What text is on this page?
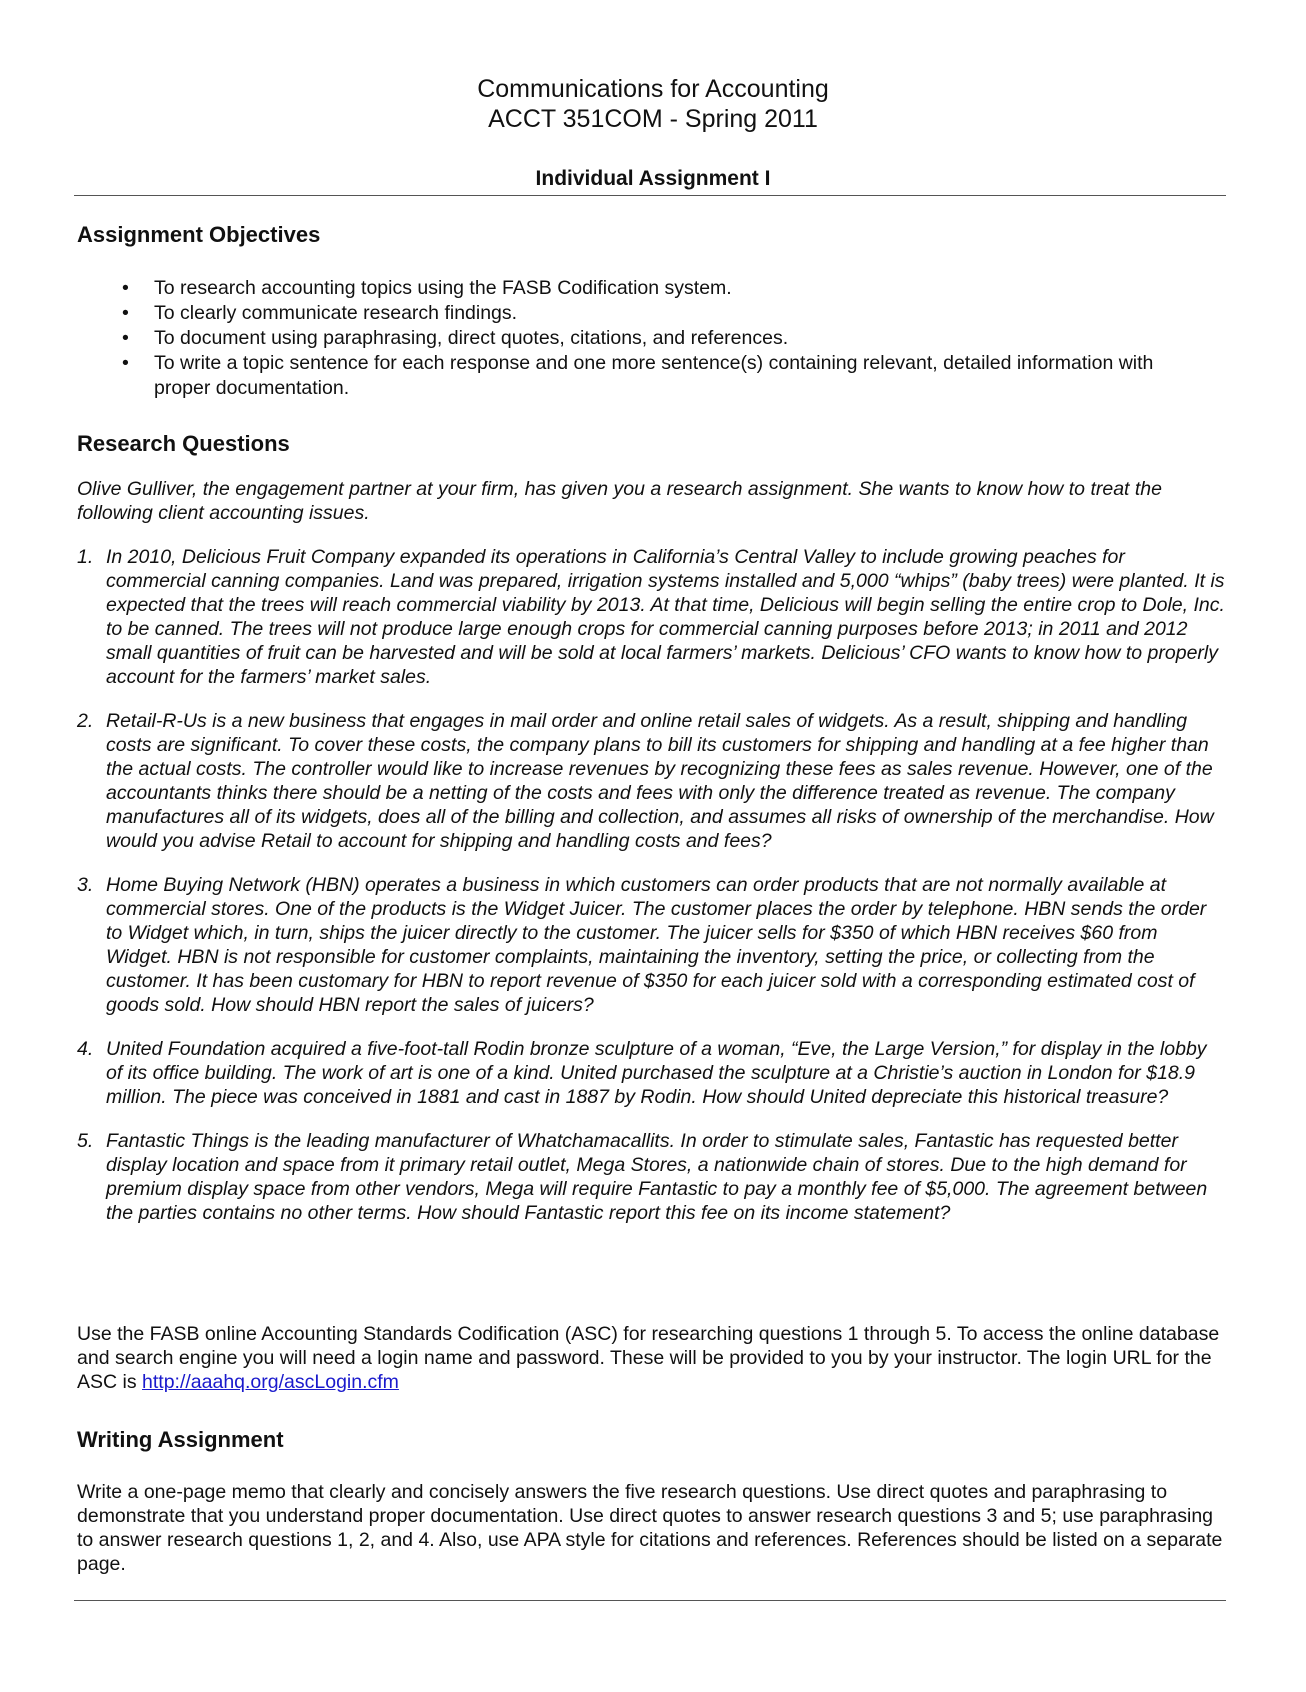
Communications for Accounting
ACCT 351COM - Spring 2011
Individual Assignment I
Assignment Objectives
• To research accounting topics using the FASB Codification system.
• To clearly communicate research findings.
• To document using paraphrasing, direct quotes, citations, and references.
• To write a topic sentence for each response and one more sentence(s) containing relevant, detailed information with proper documentation.
Research Questions

Olive Gulliver, the engagement partner at your firm, has given you a research assignment. She wants to know how to treat the following client accounting issues.

1. In 2010, Delicious Fruit Company expanded its operations in California’s Central Valley to include growing peaches for commercial canning companies. Land was prepared, irrigation systems installed and 5,000 “whips” (baby trees) were planted. It is expected that the trees will reach commercial viability by 2013. At that time, Delicious will begin selling the entire crop to Dole, Inc. to be canned. The trees will not produce large enough crops for commercial canning purposes before 2013; in 2011 and 2012 small quantities of fruit can be harvested and will be sold at local farmers’ markets. Delicious’ CFO wants to know how to properly account for the farmers’ market sales.
2. Retail-R-Us is a new business that engages in mail order and online retail sales of widgets. As a result, shipping and handling costs are significant. To cover these costs, the company plans to bill its customers for shipping and handling at a fee higher than the actual costs. The controller would like to increase revenues by recognizing these fees as sales revenue. However, one of the accountants thinks there should be a netting of the costs and fees with only the difference treated as revenue. The company manufactures all of its widgets, does all of the billing and collection, and assumes all risks of ownership of the merchandise. How would you advise Retail to account for shipping and handling costs and fees?
3. Home Buying Network (HBN) operates a business in which customers can order products that are not normally available at commercial stores. One of the products is the Widget Juicer. The customer places the order by telephone. HBN sends the order to Widget which, in turn, ships the juicer directly to the customer. The juicer sells for $350 of which HBN receives $60 from Widget. HBN is not responsible for customer complaints, maintaining the inventory, setting the price, or collecting from the customer. It has been customary for HBN to report revenue of $350 for each juicer sold with a corresponding estimated cost of goods sold. How should HBN report the sales of juicers?
4. United Foundation acquired a five-foot-tall Rodin bronze sculpture of a woman, “Eve, the Large Version,” for display in the lobby of its office building. The work of art is one of a kind. United purchased the sculpture at a Christie’s auction in London for $18.9 million. The piece was conceived in 1881 and cast in 1887 by Rodin. How should United depreciate this historical treasure?
5. Fantastic Things is the leading manufacturer of Whatchamacallits. In order to stimulate sales, Fantastic has requested better display location and space from it primary retail outlet, Mega Stores, a nationwide chain of stores. Due to the high demand for premium display space from other vendors, Mega will require Fantastic to pay a monthly fee of $5,000. The agreement between the parties contains no other terms. How should Fantastic report this fee on its income statement?

Use the FASB online Accounting Standards Codification (ASC) for researching questions 1 through 5. To access the online database and search engine you will need a login name and password. These will be provided to you by your instructor. The login URL for the ASC is http://aaahq.org/ascLogin.cfm

Writing Assignment

Write a one-page memo that clearly and concisely answers the five research questions. Use direct quotes and paraphrasing to demonstrate that you understand proper documentation. Use direct quotes to answer research questions 3 and 5; use paraphrasing to answer research questions 1, 2, and 4. Also, use APA style for citations and references. References should be listed on a separate page.
